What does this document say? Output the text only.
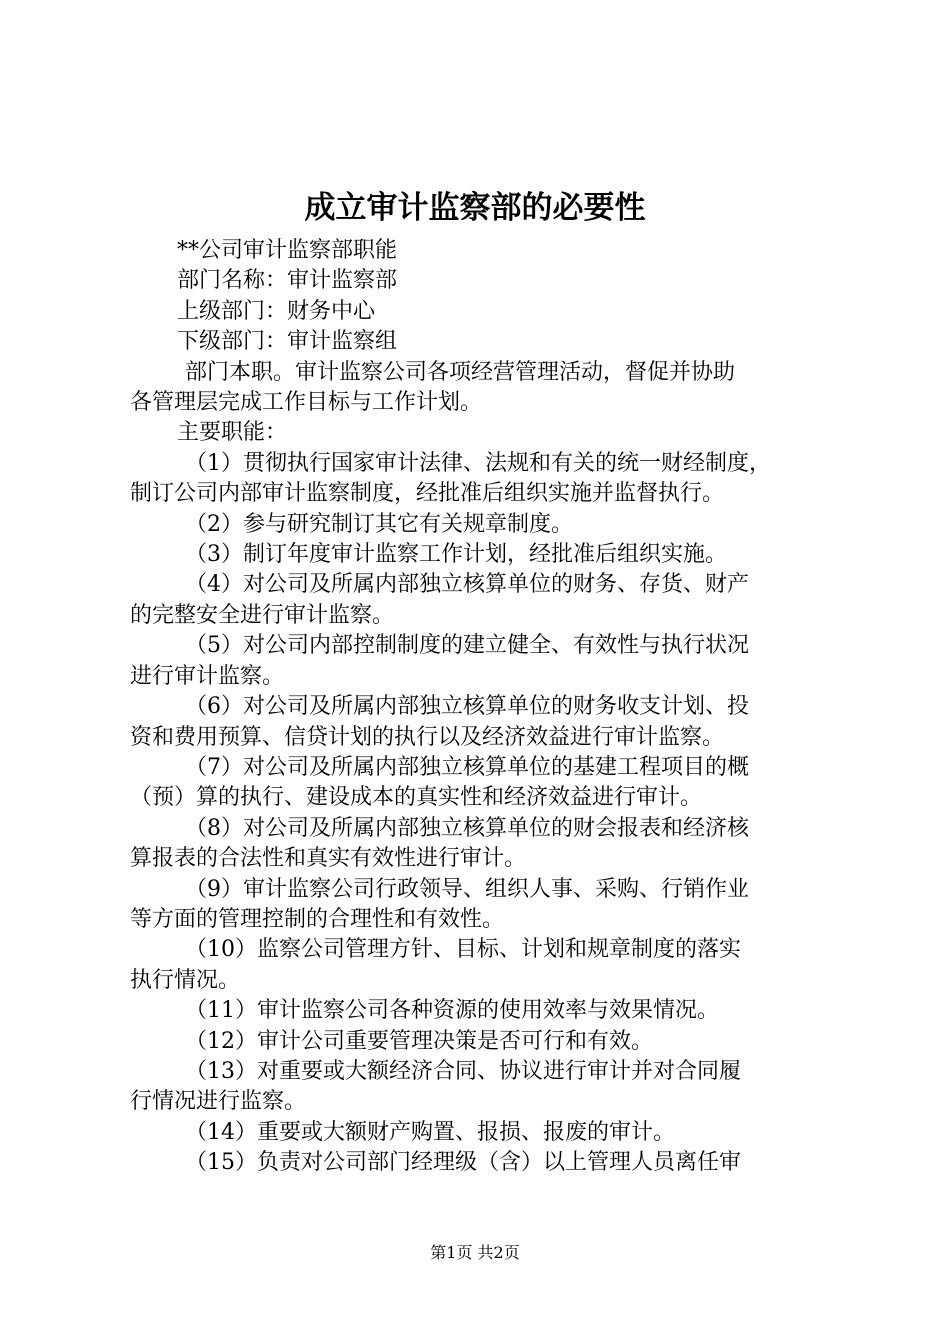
成立审计监察部的必要性

**公司审计监察部职能

部门名称：审计监察部

上级部门：财务中心

下级部门：审计监察组

部门本职。审计监察公司各项经营管理活动，督促并协助

各管理层完成工作目标与工作计划。

主要职能：

（1）贯彻执行国家审计法律、法规和有关的统一财经制度，

制订公司内部审计监察制度，经批准后组织实施并监督执行。

（2）参与研究制订其它有关规章制度。

（3）制订年度审计监察工作计划，经批准后组织实施。

（4）对公司及所属内部独立核算单位的财务、存货、财产

的完整安全进行审计监察。

（5）对公司内部控制制度的建立健全、有效性与执行状况

进行审计监察。

（6）对公司及所属内部独立核算单位的财务收支计划、投

资和费用预算、信贷计划的执行以及经济效益进行审计监察。

（7）对公司及所属内部独立核算单位的基建工程项目的概

（预）算的执行、建设成本的真实性和经济效益进行审计。

（8）对公司及所属内部独立核算单位的财会报表和经济核

算报表的合法性和真实有效性进行审计。

（9）审计监察公司行政领导、组织人事、采购、行销作业

等方面的管理控制的合理性和有效性。

（10）监察公司管理方针、目标、计划和规章制度的落实

执行情况。

（11）审计监察公司各种资源的使用效率与效果情况。

（12）审计公司重要管理决策是否可行和有效。

（13）对重要或大额经济合同、协议进行审计并对合同履

行情况进行监察。

（14）重要或大额财产购置、报损、报废的审计。

（15）负责对公司部门经理级（含）以上管理人员离任审

第1页 共2页
